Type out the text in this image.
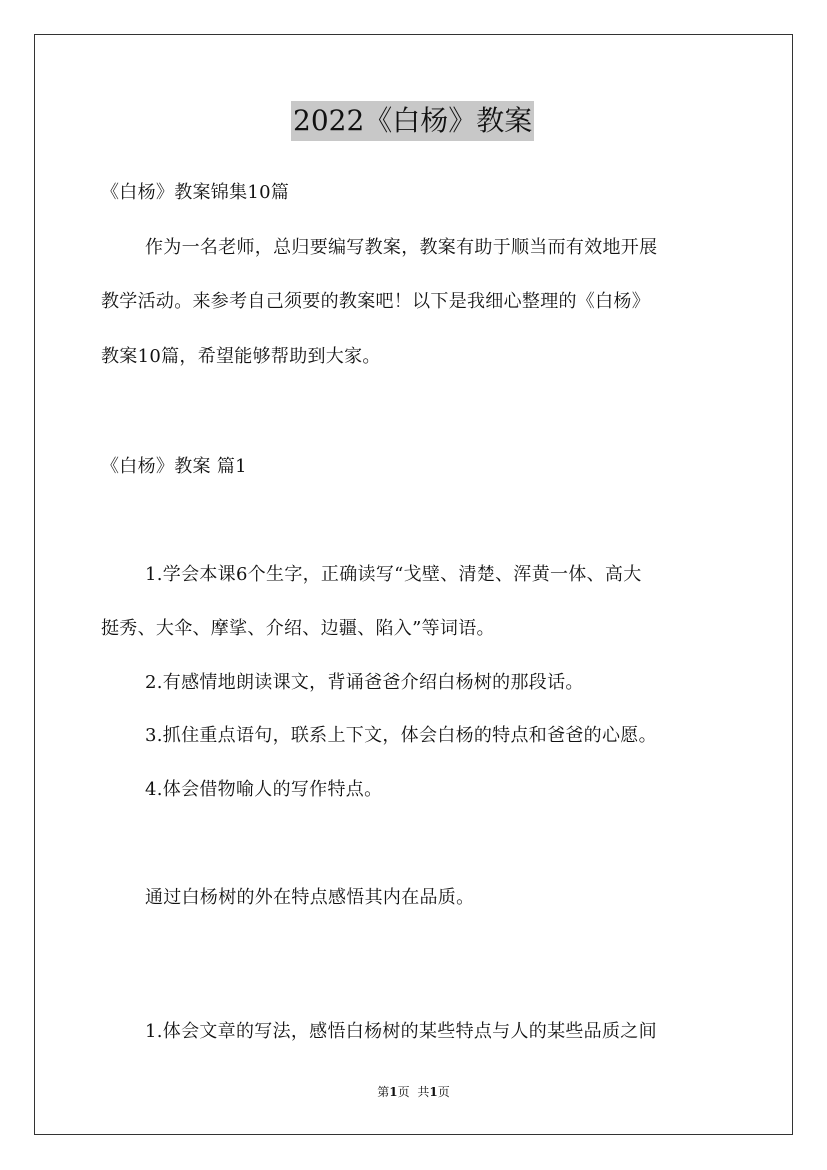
2022《白杨》教案
《白杨》教案锦集10篇
作为一名老师，总归要编写教案，教案有助于顺当而有效地开展
教学活动。来参考自己须要的教案吧！以下是我细心整理的《白杨》
教案10篇，希望能够帮助到大家。
《白杨》教案 篇1
1.学会本课6个生字，正确读写“戈壁、清楚、浑黄一体、高大
挺秀、大伞、摩挲、介绍、边疆、陷入”等词语。
2.有感情地朗读课文，背诵爸爸介绍白杨树的那段话。
3.抓住重点语句，联系上下文，体会白杨的特点和爸爸的心愿。
4.体会借物喻人的写作特点。
通过白杨树的外在特点感悟其内在品质。
1.体会文章的写法，感悟白杨树的某些特点与人的某些品质之间
第1页 共1页
